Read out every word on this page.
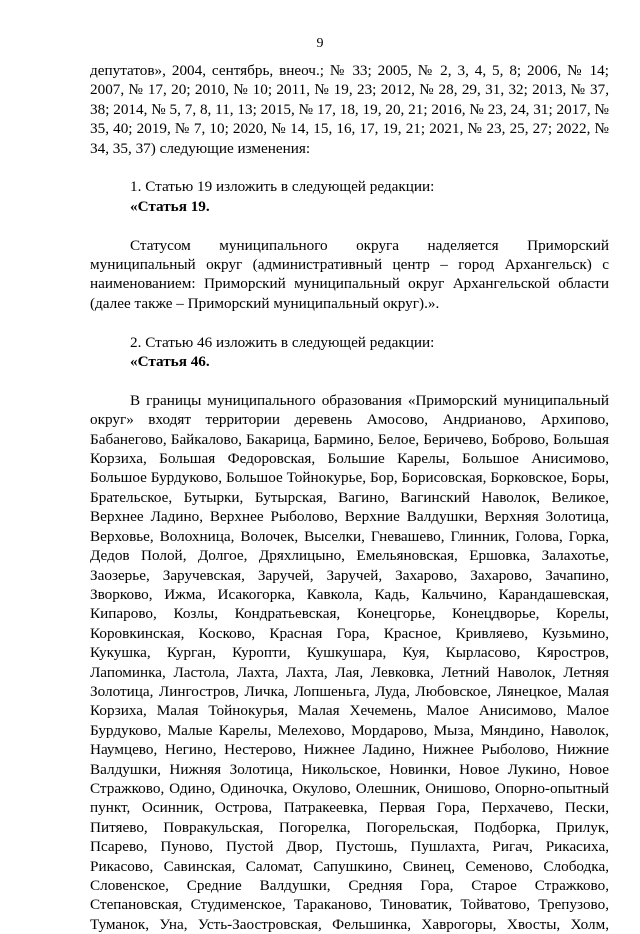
9

депутатов», 2004, сентябрь, внеоч.; № 33; 2005, № 2, 3, 4, 5, 8; 2006, № 14; 2007, № 17, 20; 2010, № 10; 2011, № 19, 23; 2012, № 28, 29, 31, 32; 2013, № 37, 38; 2014, № 5, 7, 8, 11, 13; 2015, № 17, 18, 19, 20, 21; 2016, № 23, 24, 31; 2017, № 35, 40; 2019, № 7, 10; 2020, № 14, 15, 16, 17, 19, 21; 2021, № 23, 25, 27; 2022, № 34, 35, 37) следующие изменения:

1. Статью 19 изложить в следующей редакции:

«Статья 19.

Статусом муниципального округа наделяется Приморский муниципальный округ (административный центр – город Архангельск) с наименованием: Приморский муниципальный округ Архангельской области (далее также – Приморский муниципальный округ).».

2. Статью 46 изложить в следующей редакции:

«Статья 46.

В границы муниципального образования «Приморский муниципальный округ» входят территории деревень Амосово, Андрианово, Архипово, Бабанегово, Байкалово, Бакарица, Бармино, Белое, Беричево, Боброво, Большая Корзиха, Большая Федоровская, Большие Карелы, Большое Анисимово, Большое Бурдуково, Большое Тойнокурье, Бор, Борисовская, Борковское, Боры, Брательское, Бутырки, Бутырская, Вагино, Вагинский Наволок, Великое, Верхнее Ладино, Верхнее Рыболово, Верхние Валдушки, Верхняя Золотица, Верховье, Волохница, Волочек, Выселки, Гневашево, Глинник, Голова, Горка, Дедов Полой, Долгое, Дряхлицыно, Емельяновская, Ершовка, Залахотье, Заозерье, Заручевская, Заручей, Заручей, Захарово, Захарово, Зачапино, Зворково, Ижма, Исакогорка, Кавкола, Кадь, Кальчино, Карандашевская, Кипарово, Козлы, Кондратьевская, Конецгорье, Конецдворье, Корелы, Коровкинская, Косково, Красная Гора, Красное, Кривляево, Кузьмино, Кукушка, Курган, Куропти, Кушкушара, Куя, Кырласово, Кяростров, Лапоминка, Ластола, Лахта, Лахта, Лая, Левковка, Летний Наволок, Летняя Золотица, Лингостров, Личка, Лопшеньга, Луда, Любовское, Лянецкое, Малая Корзиха, Малая Тойнокурья, Малая Хечемень, Малое Анисимово, Малое Бурдуково, Малые Карелы, Мелехово, Мордарово, Мыза, Мяндино, Наволок, Наумцево, Негино, Нестерово, Нижнее Ладино, Нижнее Рыболово, Нижние Валдушки, Нижняя Золотица, Никольское, Новинки, Новое Лукино, Новое Стражково, Одино, Одиночка, Окулово, Олешник, Онишово, Опорно-опытный пункт, Осинник, Острова, Патракеевка, Первая Гора, Перхачево, Пески, Питяево, Повракульская, Погорелка, Погорельская, Подборка, Прилук, Псарево, Пуново, Пустой Двор, Пустошь, Пушлахта, Ригач, Рикасиха, Рикасово, Савинская, Саломат, Сапушкино, Свинец, Семеново, Слободка, Словенское, Средние Валдушки, Средняя Гора, Старое Стражково, Степановская, Студименское, Тараканово, Тиноватик, Тойватово, Трепузово, Туманок, Уна, Усть-Заостровская, Фельшинка, Хаврогоры, Хвосты, Холм,
